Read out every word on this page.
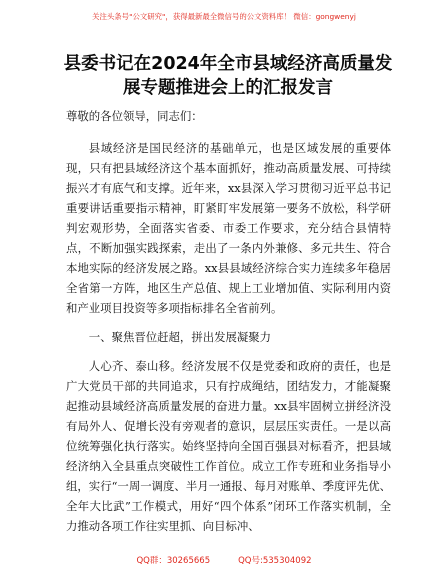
关注头条号"公文研究"，获得最新最全微信号的公文资料库！ 微信：gongwenyj
县委书记在2024年全市县域经济高质量发展专题推进会上的汇报发言

尊敬的各位领导，同志们：

县域经济是国民经济的基础单元，也是区域发展的重要体现，只有把县域经济这个基本面抓好，推动高质量发展、可持续振兴才有底气和支撑。近年来，xx县深入学习贯彻习近平总书记重要讲话重要指示精神，盯紧盯牢发展第一要务不放松，科学研判宏观形势，全面落实省委、市委工作要求，充分结合县情特点，不断加强实践探索，走出了一条内外兼修、多元共生、符合本地实际的经济发展之路。xx县县域经济综合实力连续多年稳居全省第一方阵，地区生产总值、规上工业增加值、实际利用内资和产业项目投资等多项指标排名全省前列。

一、聚焦晋位赶超，拼出发展凝聚力

人心齐、泰山移。经济发展不仅是党委和政府的责任，也是广大党员干部的共同追求，只有拧成绳结，团结发力，才能凝聚起推动县域经济高质量发展的奋进力量。xx县牢固树立拼经济没有局外人、促增长没有旁观者的意识，层层压实责任。一是以高位统筹强化执行落实。始终坚持向全国百强县对标看齐，把县域经济纳入全县重点突破性工作首位。成立工作专班和业务指导小组，实行“一周一调度、半月一通报、每月对账单、季度评先优、全年大比武”工作模式，用好“四个体系”闭环工作落实机制，全力推动各项工作往实里抓、向目标冲、

QQ群：30265665	QQ号:535304092
